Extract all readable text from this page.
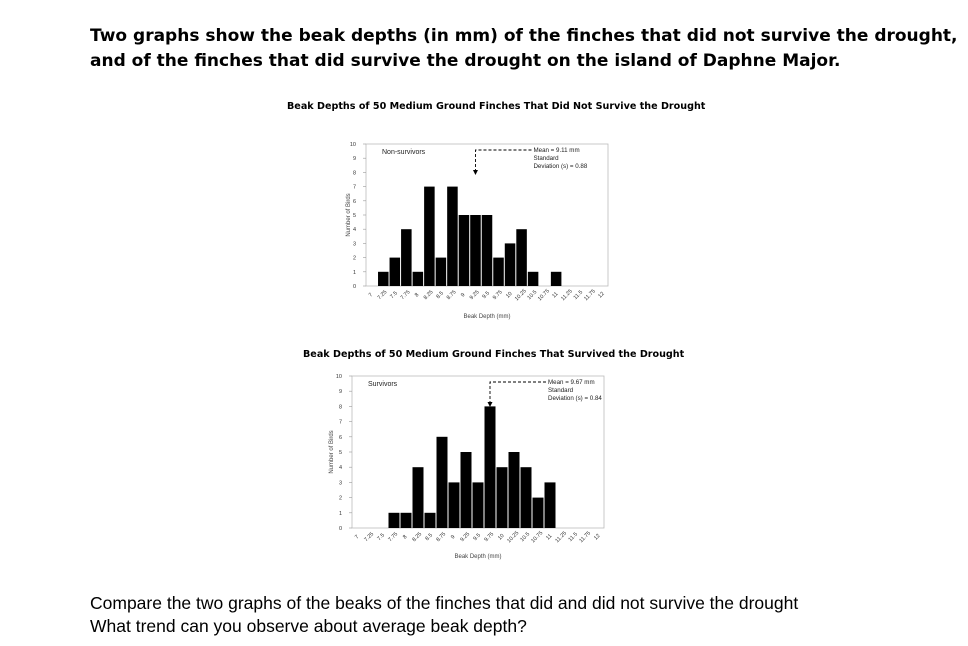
Two graphs show the beak depths (in mm) of the finches that did not survive the drought,
and of the finches that did survive the drought on the island of Daphne Major.
Beak Depths of 50 Medium Ground Finches That Did Not Survive the Drought
0
1
2
3
4
5
6
7
8
9
10
Number of Birds
7 7.25 7.5 7.75 8 8.25 8.5 8.75 9 9.25 9.5 9.75 10 10.25
10.5
10.75 11 11.25
11.5
11.75 12
Beak Depth (mm)
Non-survivors	Mean = 9.11 mm
Standard
Deviation (s) = 0.88
Beak Depths of 50 Medium Ground Finches That Survived the Drought
0
1
2
3
4
5
6
7
8
9
10
Number of Birds
7 7.25 7.5 7.75 8 8.25 8.5 8.75 9 9.25 9.5 9.75 10 10.25 10.5 10.75 11 11.25 11.5 11.75 12
Beak Depth (mm)
Survivors	Mean = 9.67 mm
Standard
Deviation (s) = 0.84
Compare the two graphs of the beaks of the finches that did and did not survive the drought
What trend can you observe about average beak depth?
